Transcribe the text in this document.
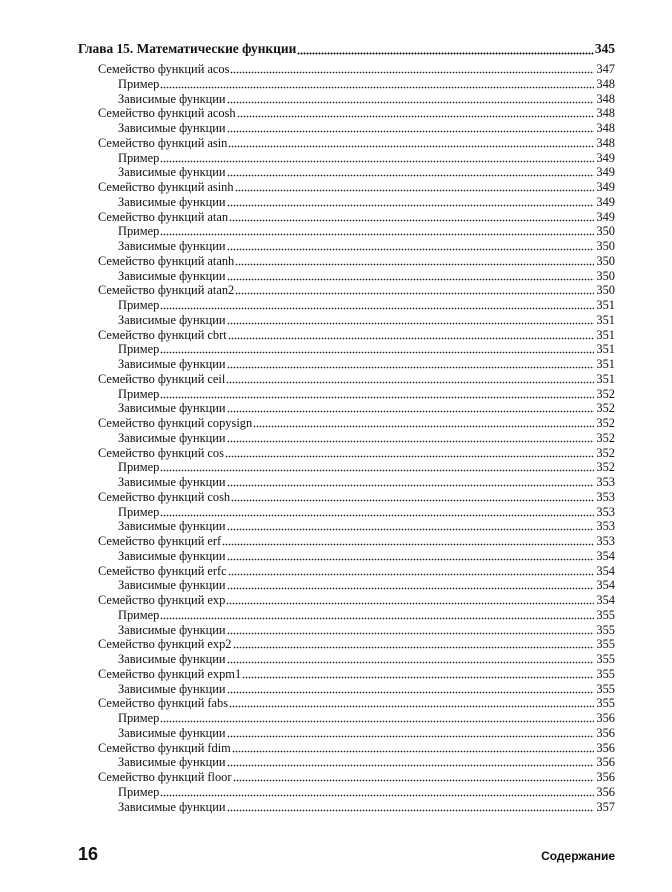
Глава 15. Математические функции	345
Семейство функций acos	347
Пример	348
Зависимые функции	348
Семейство функций acosh	348
Зависимые функции	348
Семейство функций asin	348
Пример	349
Зависимые функции	349
Семейство функций asinh	349
Зависимые функции	349
Семейство функций atan	349
Пример	350
Зависимые функции	350
Семейство функций atanh	350
Зависимые функции	350
Семейство функций atan2	350
Пример	351
Зависимые функции	351
Семейство функций cbrt	351
Пример	351
Зависимые функции	351
Семейство функций ceil	351
Пример	352
Зависимые функции	352
Семейство функций copysign	352
Зависимые функции	352
Семейство функций cos	352
Пример	352
Зависимые функции	353
Семейство функций cosh	353
Пример	353
Зависимые функции	353
Семейство функций erf	353
Зависимые функции	354
Семейство функций erfc	354
Зависимые функции	354
Семейство функций exp	354
Пример	355
Зависимые функции	355
Семейство функций exp2	355
Зависимые функции	355
Семейство функций expm1	355
Зависимые функции	355
Семейство функций fabs	355
Пример	356
Зависимые функции	356
Семейство функций fdim	356
Зависимые функции	356
Семейство функций floor	356
Пример	356
Зависимые функции	357
16	Содержание
